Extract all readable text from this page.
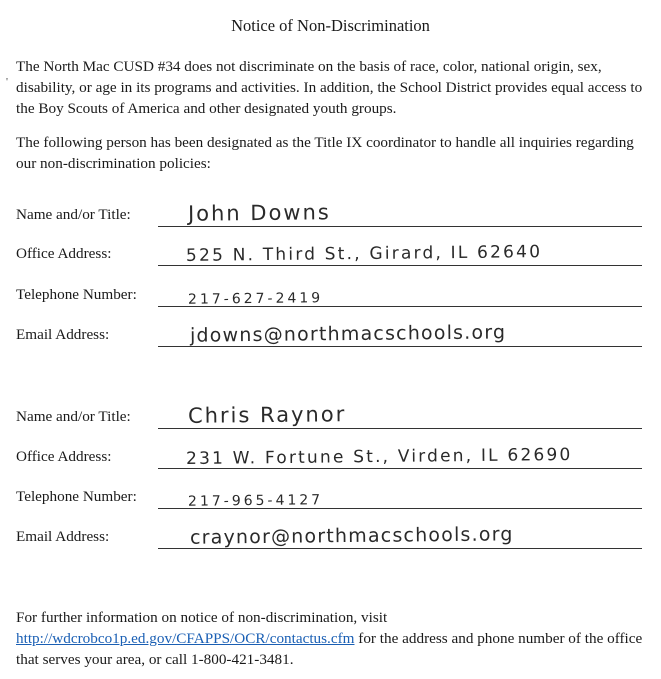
Notice of Non-Discrimination
'
The North Mac CUSD #34 does not discriminate on the basis of race, color, national origin, sex, disability, or age in its programs and activities. In addition, the School District provides equal access to the Boy Scouts of America and other designated youth groups.
The following person has been designated as the Title IX coordinator to handle all inquiries regarding our non-discrimination policies:
Name and/or Title:	John Downs
Office Address:	525 N. Third St., Girard, IL 62640
Telephone Number:	217-627-2419
Email Address:	jdowns@northmacschools.org
Name and/or Title:	Chris Raynor
Office Address:	231 W. Fortune St., Virden, IL 62690
Telephone Number:	217-965-4127
Email Address:	craynor@northmacschools.org
For further information on notice of non-discrimination, visit
http://wdcrobco1p.ed.gov/CFAPPS/OCR/contactus.cfm for the address and phone number of the office that serves your area, or call 1-800-421-3481.
